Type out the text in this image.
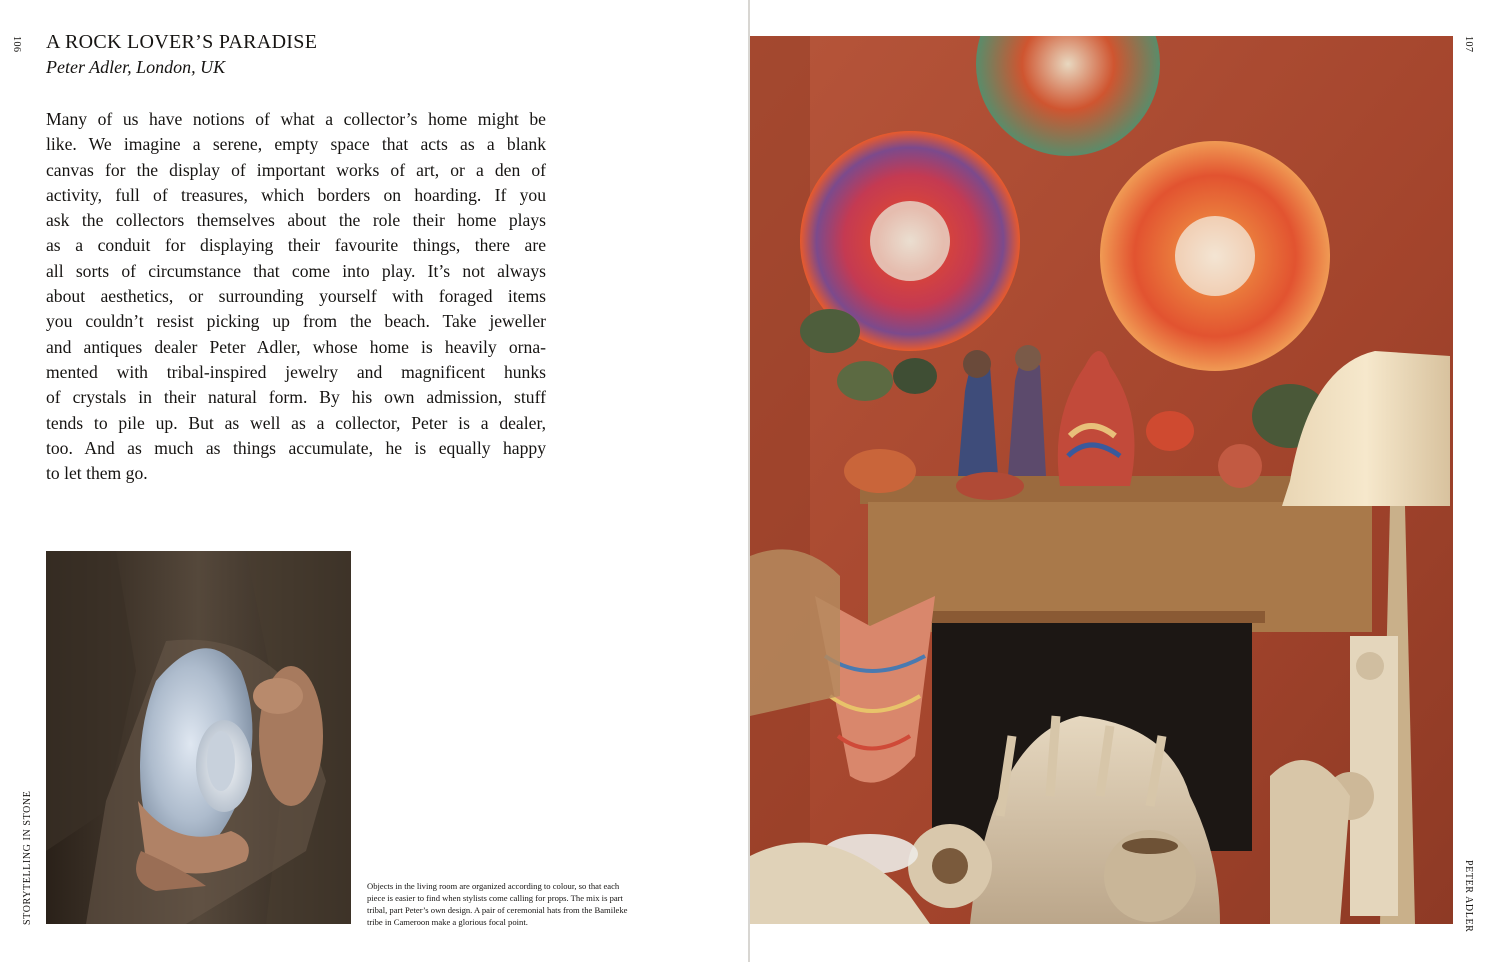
106
STORYTELLING IN STONE
A ROCK LOVER’S PARADISE
Peter Adler, London, UK

Many of us have notions of what a collector’s home might be
like. We imagine a serene, empty space that acts as a blank
canvas for the display of important works of art, or a den of
activity, full of treasures, which borders on hoarding. If you
ask the collectors themselves about the role their home plays
as a conduit for displaying their favourite things, there are
all sorts of circumstance that come into play. It’s not always
about aesthetics, or surrounding yourself with foraged items
you couldn’t resist picking up from the beach. Take jeweller
and antiques dealer Peter Adler, whose home is heavily orna-
mented with tribal-inspired jewelry and magnificent hunks
of crystals in their natural form. By his own admission, stuff
tends to pile up. But as well as a collector, Peter is a dealer,
too. And as much as things accumulate, he is equally happy
to let them go.

Objects in the living room are organized according to colour, so that each
piece is easier to find when stylists come calling for props. The mix is part
tribal, part Peter’s own design. A pair of ceremonial hats from the Bamileke
tribe in Cameroon make a glorious focal point.

107
PETER ADLER
